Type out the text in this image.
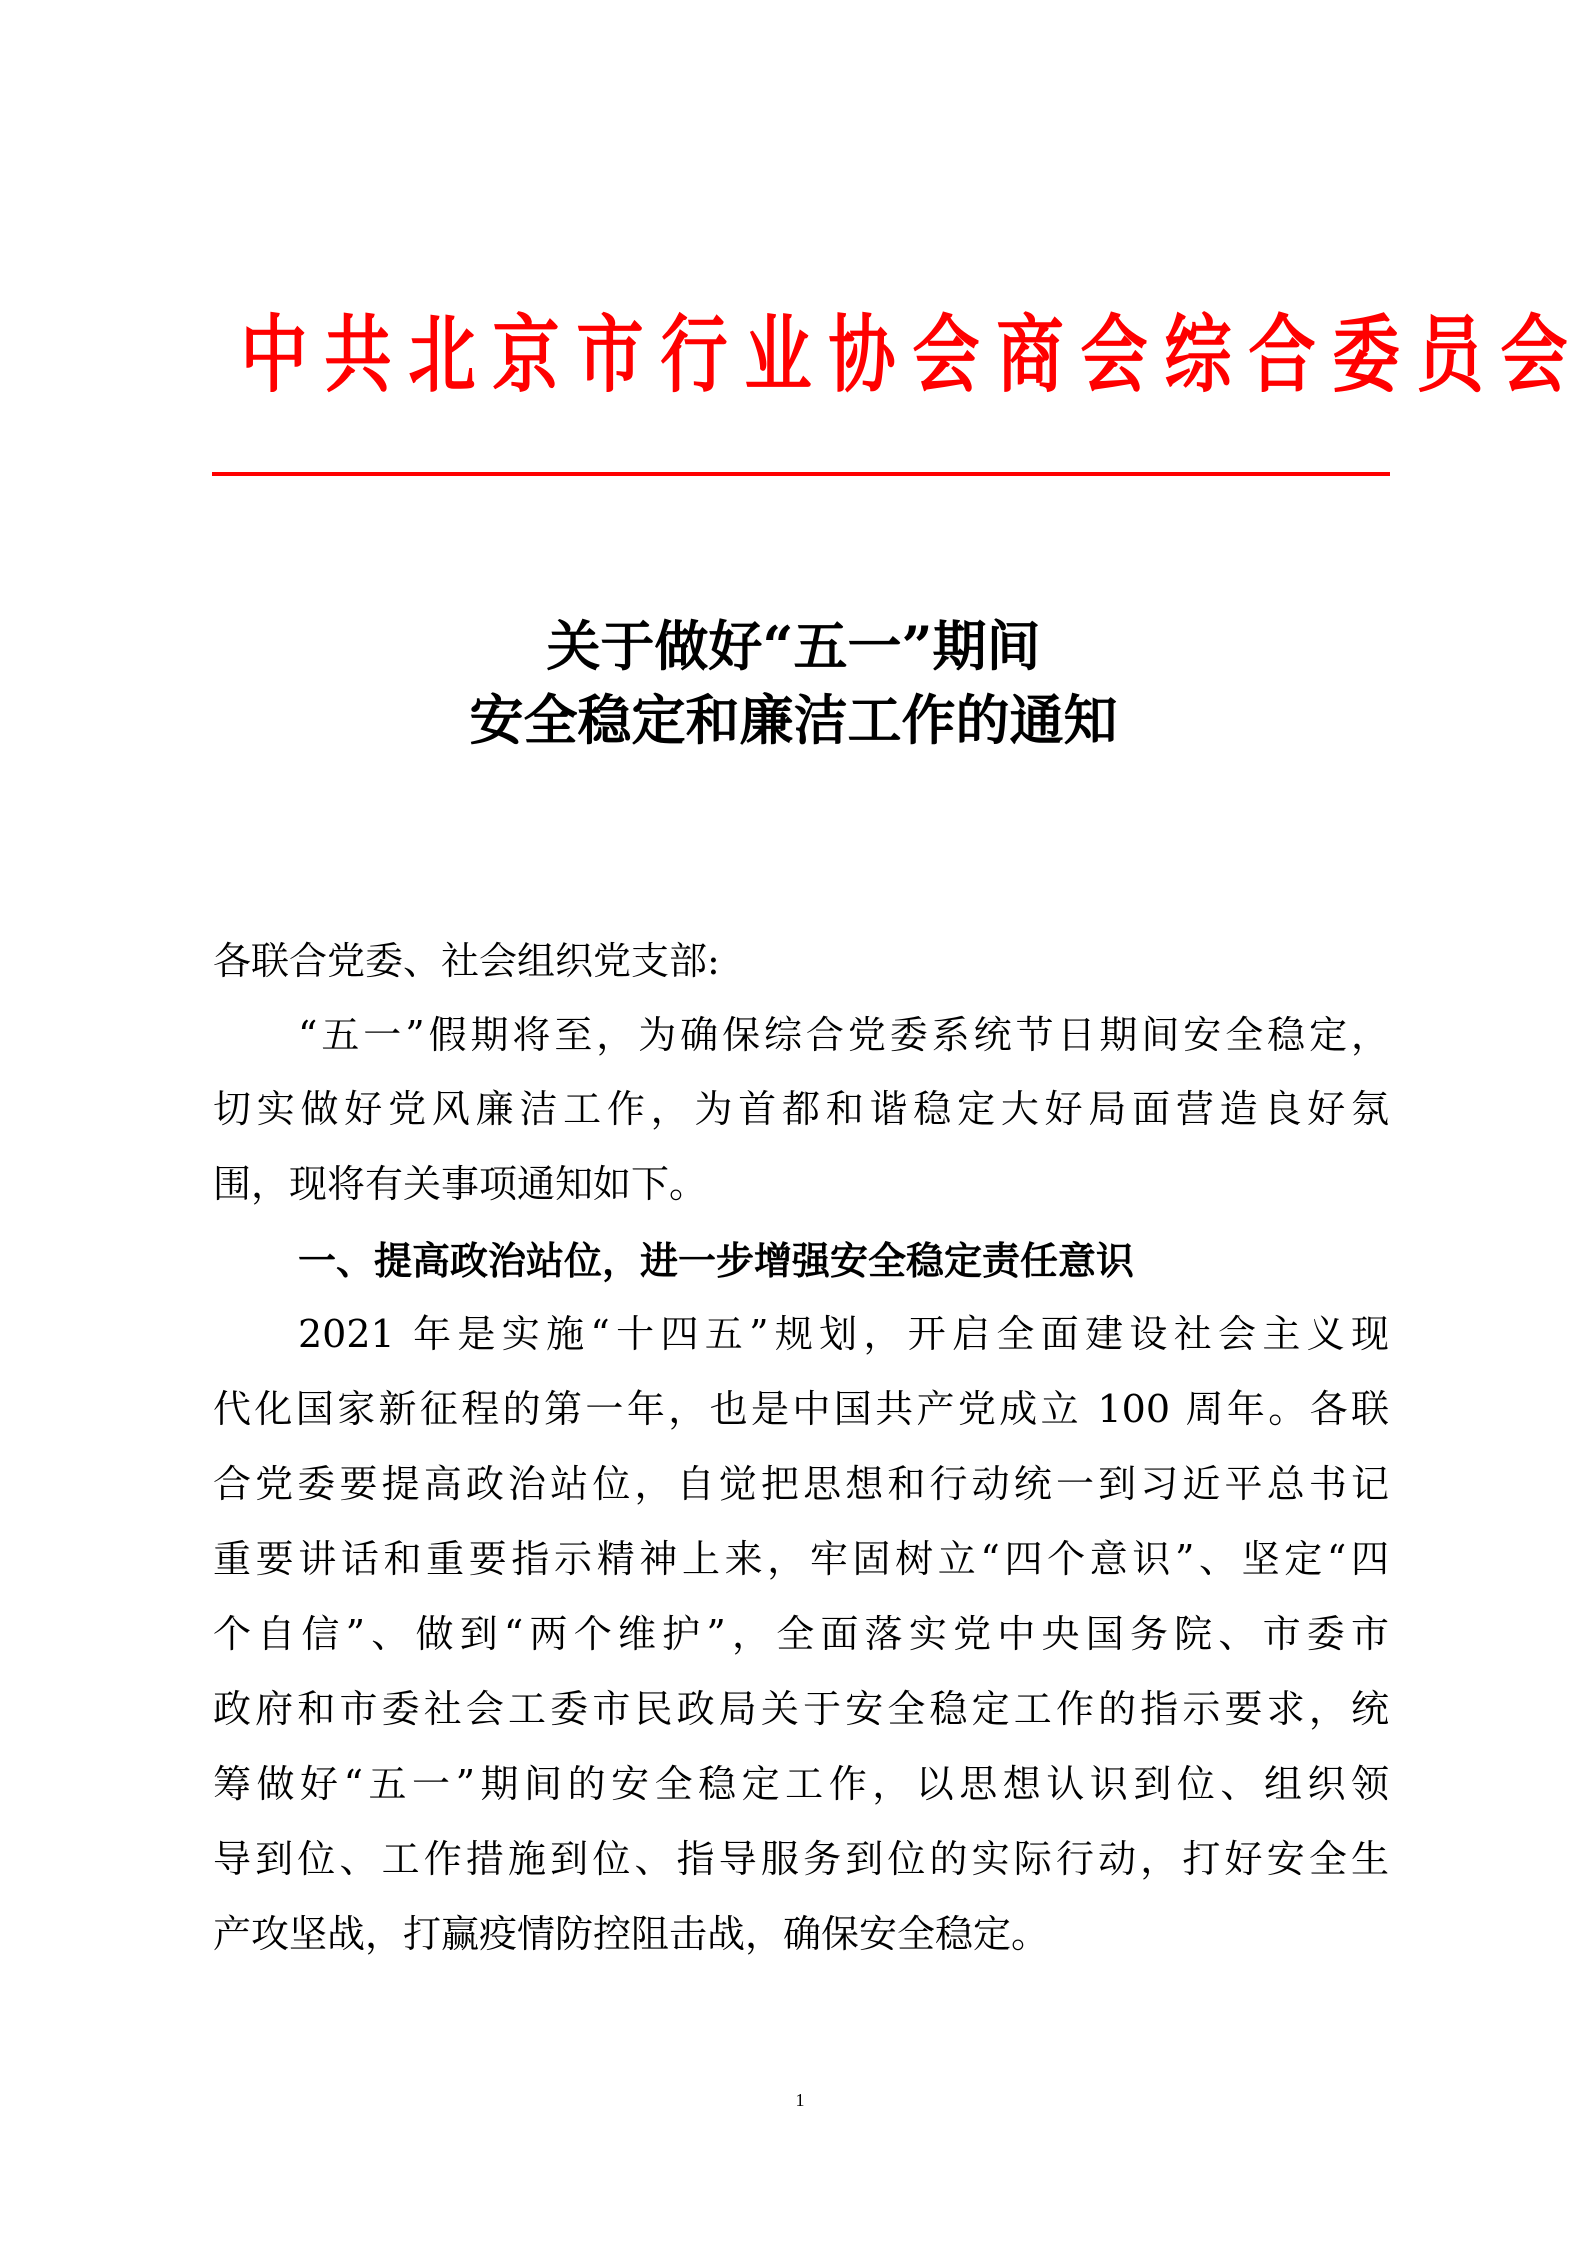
中 共 北 京 市 行 业 协 会 商 会 综 合 委 员 会
关于做好“五一”期间
安全稳定和廉洁工作的通知
各联合党委、社会组织党支部:
“五一”假期将至，为确保综合党委系统节日期间安全稳定，
切实做好党风廉洁工作，为首都和谐稳定大好局面营造良好氛
围，现将有关事项通知如下。
一、提高政治站位，进一步增强安全稳定责任意识
2021 年是实施“十四五”规划，开启全面建设社会主义现
代化国家新征程的第一年，也是中国共产党成立 100 周年。各联
合党委要提高政治站位，自觉把思想和行动统一到习近平总书记
重要讲话和重要指示精神上来，牢固树立“四个意识”、坚定“四
个自信”、做到“两个维护”，全面落实党中央国务院、市委市
政府和市委社会工委市民政局关于安全稳定工作的指示要求，统
筹做好“五一”期间的安全稳定工作，以思想认识到位、组织领
导到位、工作措施到位、指导服务到位的实际行动，打好安全生
产攻坚战，打赢疫情防控阻击战，确保安全稳定。
1
